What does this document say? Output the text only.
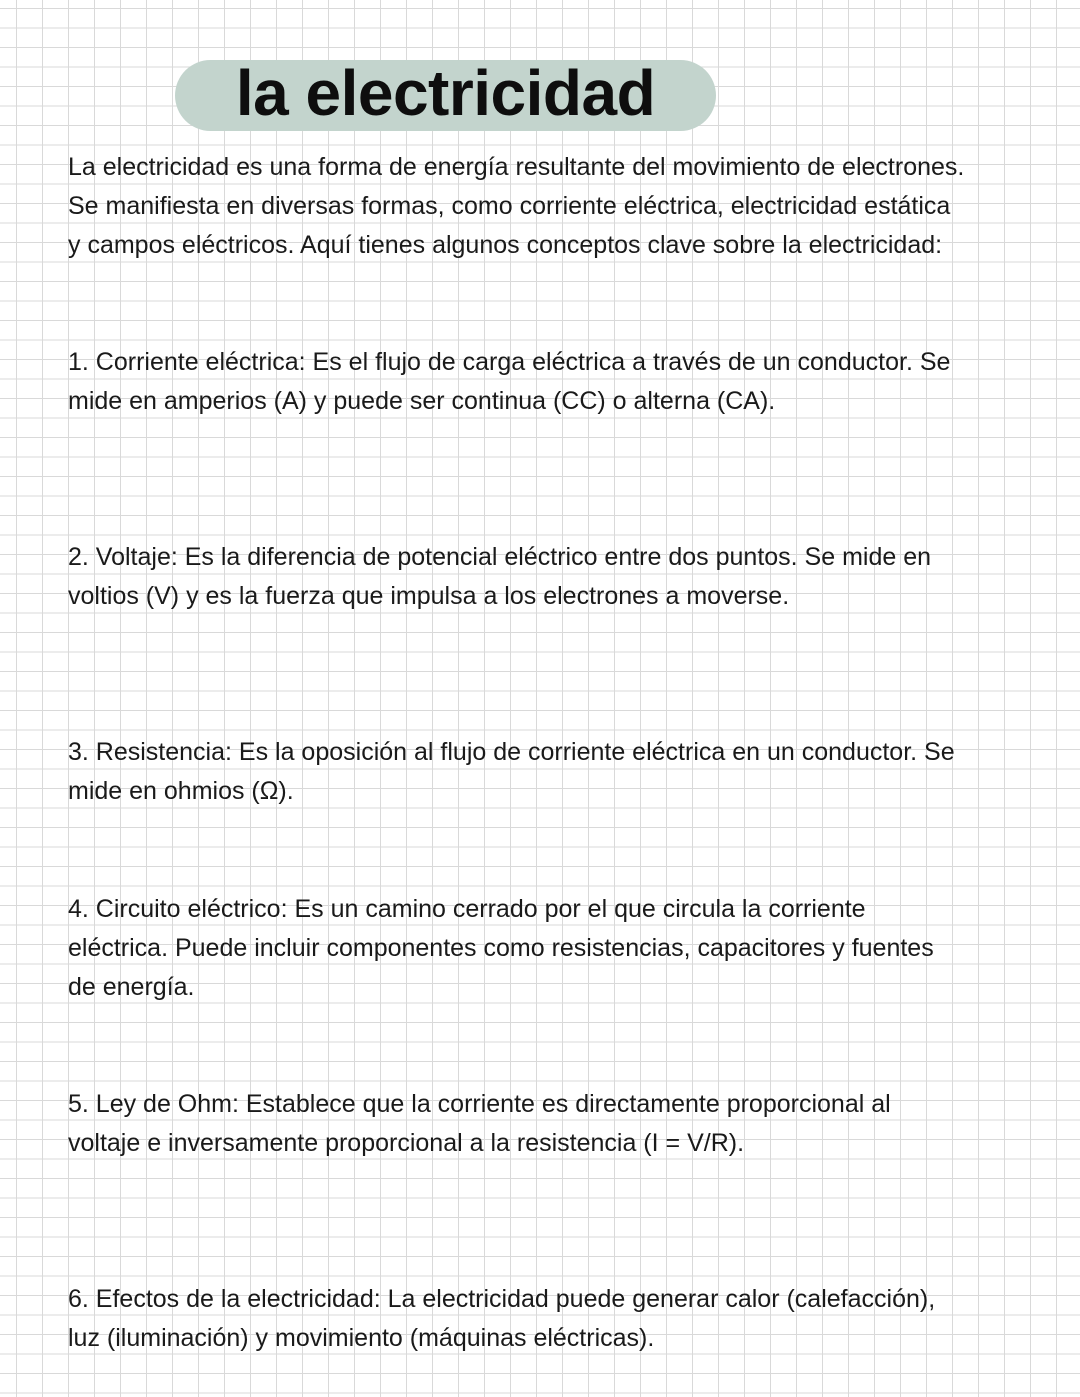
la electricidad

La electricidad es una forma de energía resultante del movimiento de electrones. Se manifiesta en diversas formas, como corriente eléctrica, electricidad estática y campos eléctricos. Aquí tienes algunos conceptos clave sobre la electricidad:

1. Corriente eléctrica: Es el flujo de carga eléctrica a través de un conductor. Se mide en amperios (A) y puede ser continua (CC) o alterna (CA).

2. Voltaje: Es la diferencia de potencial eléctrico entre dos puntos. Se mide en voltios (V) y es la fuerza que impulsa a los electrones a moverse.

3. Resistencia: Es la oposición al flujo de corriente eléctrica en un conductor. Se mide en ohmios (Ω).

4. Circuito eléctrico: Es un camino cerrado por el que circula la corriente eléctrica. Puede incluir componentes como resistencias, capacitores y fuentes de energía.

5. Ley de Ohm: Establece que la corriente es directamente proporcional al voltaje e inversamente proporcional a la resistencia (I = V/R).

6. Efectos de la electricidad: La electricidad puede generar calor (calefacción), luz (iluminación) y movimiento (máquinas eléctricas).
